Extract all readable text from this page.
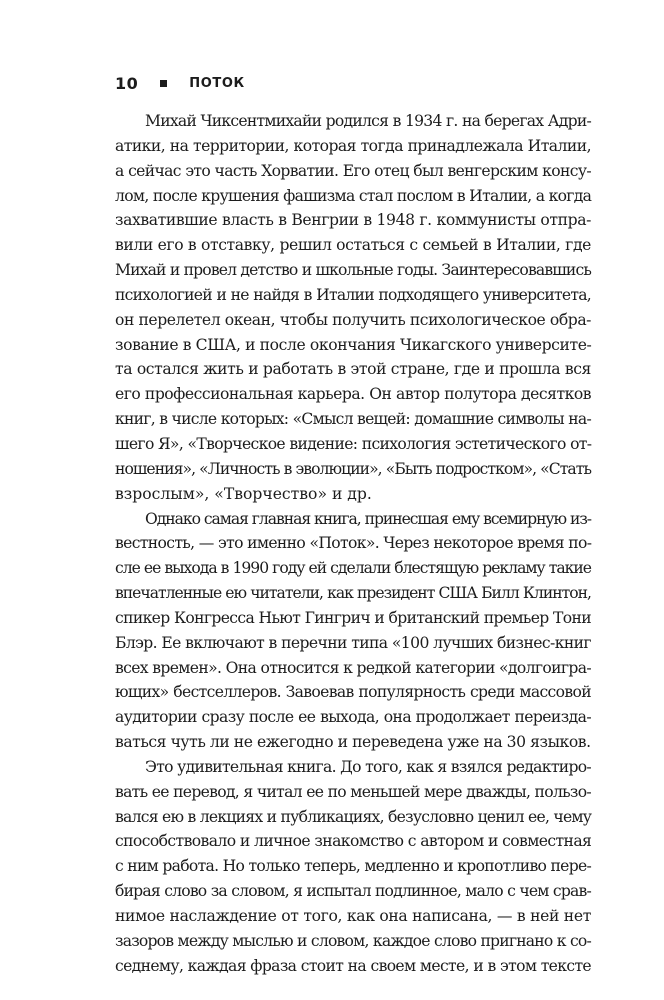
10	ПОТОК
Михай Чиксентмихайи родился в 1934 г. на берегах Адри-
атики, на территории, которая тогда принадлежала Италии,
а сейчас это часть Хорватии. Его отец был венгерским консу-
лом, после крушения фашизма стал послом в Италии, а когда
захватившие власть в Венгрии в 1948 г. коммунисты отпра-
вили его в отставку, решил остаться с семьей в Италии, где
Михай и провел детство и школьные годы. Заинтересовавшись
психологией и не найдя в Италии подходящего университета,
он перелетел океан, чтобы получить психологическое обра-
зование в США, и после окончания Чикагского университе-
та остался жить и работать в этой стране, где и прошла вся
его профессиональная карьера. Он автор полутора десятков
книг, в числе которых: «Смысл вещей: домашние символы на-
шего Я», «Творческое видение: психология эстетического от-
ношения», «Личность в эволюции», «Быть подростком», «Стать
взрослым», «Творчество» и др.
Однако самая главная книга, принесшая ему всемирную из-
вестность, — это именно «Поток». Через некоторое время по-
сле ее выхода в 1990 году ей сделали блестящую рекламу такие
впечатленные ею читатели, как президент США Билл Клинтон,
спикер Конгресса Ньют Гингрич и британский премьер Тони
Блэр. Ее включают в перечни типа «100 лучших бизнес-книг
всех времен». Она относится к редкой категории «долгоигра-
ющих» бестселлеров. Завоевав популярность среди массовой
аудитории сразу после ее выхода, она продолжает переизда-
ваться чуть ли не ежегодно и переведена уже на 30 языков.
Это удивительная книга. До того, как я взялся редактиро-
вать ее перевод, я читал ее по меньшей мере дважды, пользо-
вался ею в лекциях и публикациях, безусловно ценил ее, чему
способствовало и личное знакомство с автором и совместная
с ним работа. Но только теперь, медленно и кропотливо пере-
бирая слово за словом, я испытал подлинное, мало с чем срав-
нимое наслаждение от того, как она написана, — в ней нет
зазоров между мыслью и словом, каждое слово пригнано к со-
седнему, каждая фраза стоит на своем месте, и в этом тексте
